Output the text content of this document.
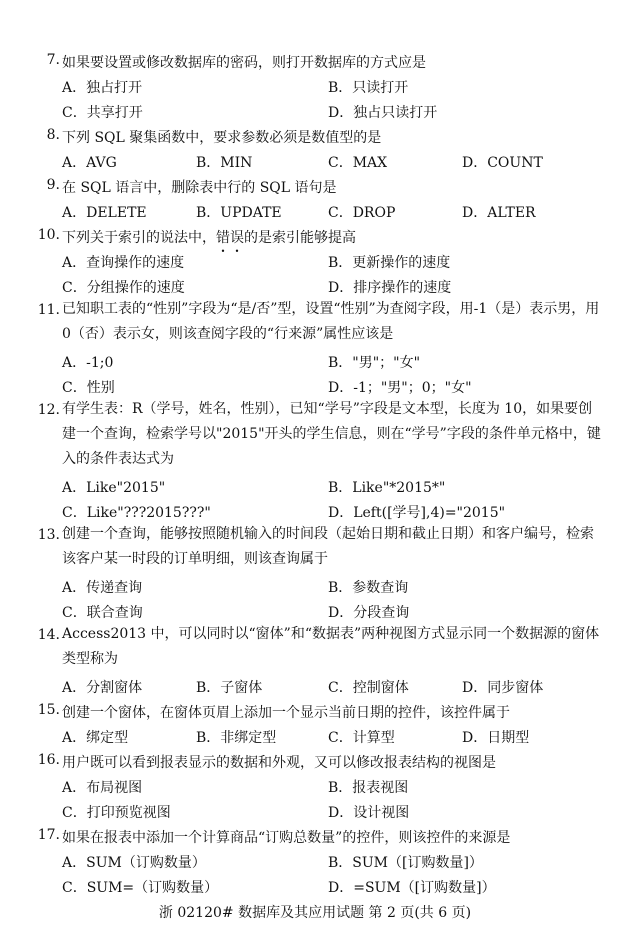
7. 如果要设置或修改数据库的密码，则打开数据库的方式应是
A．独占打开	B．只读打开
C．共享打开	D．独占只读打开
8. 下列 SQL 聚集函数中，要求参数必须是数值型的是
A．AVG	B．MIN	C．MAX	D．COUNT
9. 在 SQL 语言中，删除表中行的 SQL 语句是
A．DELETE	B．UPDATE	C．DROP	D．ALTER
10. 下列关于索引的说法中，错误的是索引能够提高
A．查询操作的速度	B．更新操作的速度
C．分组操作的速度	D．排序操作的速度
11. 已知职工表的“性别”字段为“是/否”型，设置“性别”为查阅字段，用-1（是）表示男，用 0（否）表示女，则该查阅字段的“行来源”属性应该是
A．-1;0	B．"男"；"女"
C．性别	D．-1；"男"；0；"女"
12. 有学生表：R（学号，姓名，性别），已知“学号”字段是文本型，长度为 10，如果要创建一个查询，检索学号以"2015"开头的学生信息，则在“学号”字段的条件单元格中，键入的条件表达式为
A．Like"2015"	B．Like"*2015*"
C．Like"???2015???"	D．Left([学号],4)="2015"
13. 创建一个查询，能够按照随机输入的时间段（起始日期和截止日期）和客户编号，检索该客户某一时段的订单明细，则该查询属于
A．传递查询	B．参数查询
C．联合查询	D．分段查询
14. Access2013 中，可以同时以“窗体”和“数据表”两种视图方式显示同一个数据源的窗体类型称为
A．分割窗体	B．子窗体	C．控制窗体	D．同步窗体
15. 创建一个窗体，在窗体页眉上添加一个显示当前日期的控件，该控件属于
A．绑定型	B．非绑定型	C．计算型	D．日期型
16. 用户既可以看到报表显示的数据和外观，又可以修改报表结构的视图是
A．布局视图	B．报表视图
C．打印预览视图	D．设计视图
17. 如果在报表中添加一个计算商品“订购总数量”的控件，则该控件的来源是
A．SUM（订购数量）	B．SUM（[订购数量]）
C．SUM=（订购数量）	D．=SUM（[订购数量]）
浙 02120# 数据库及其应用试题 第 2 页(共 6 页)
